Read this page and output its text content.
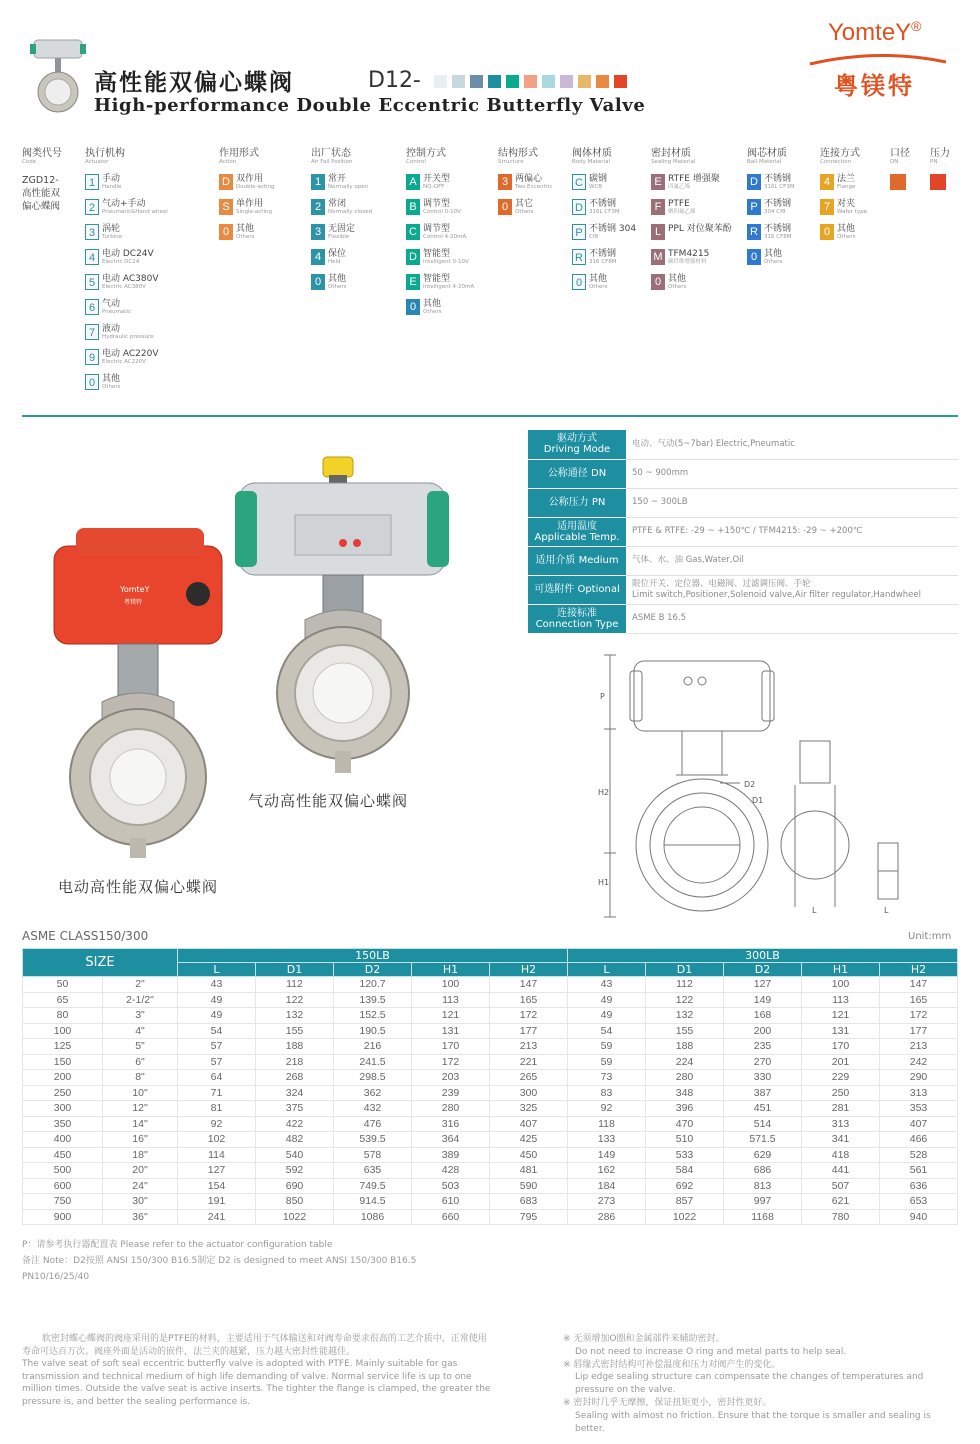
高性能双偏心蝶阀	D12-
High-performance Double Eccentric Butterfly Valve
YomteY®
粤镁特
阀类代号
Code
ZGD12-
高性能双
偏心蝶阀
执行机构
Actuator
1 手动
Handle
2 气动+手动
Pneumatic&Hand wheel
3 涡轮
Turbine
4 电动 DC24V
Electric DC24
5 电动 AC380V
Electric AC380V
6 气动
Pneumatic
7 液动
Hydraulic pressure
9 电动 AC220V
Electric AC220V
0 其他
Others
作用形式
Action
D 双作用
Double-acting
S 单作用
Single-acting
0 其他
Others
出厂状态
Air Fail Position
1 常开
Normally open
2 常闭
Normally closed
3 无固定
Flexible
4 保位
Held
0 其他
Others
控制方式
Control
A 开关型
NO-OFF
B 调节型
Control 0-10V
C 调节型
Control 4-20mA
D 智能型
Intelligent 0-10V
E 智能型
Intelligent 4-20mA
0 其他
Others
结构形式
Structure
3 两偏心
Two Eccentric
0 其它
Others
阀体材质
Body Material
C 碳钢
WCB
D 不锈钢
316L CF3M
P 不锈钢 304
Cf8
R 不锈钢
316 CF8M
0 其他
Others
密封材质
Sealing Material
E RTFE 增强聚
四氟乙烯
F PTFE
聚四氟乙烯
L PPL 对位聚苯酚
M TFM4215
碳纤维增强材料
0 其他
Others
阀芯材质
Ball Material
D 不锈钢
316L CF3M
P 不锈钢
304 Cf8
R 不锈钢
316 CF8M
0 其他
Others
连接方式
Connection
4 法兰
Flange
7 对夹
Wafer type
0 其他
Others
口径
DN
压力
PN
气动高性能双偏心蝶阀
YomteY
粤镁特
电动高性能双偏心蝶阀
驱动方式
Driving Mode	电动、气动(5~7bar) Electric,Pneumatic

公称通径 DN	50 ~ 900mm

公称压力 PN	150 ~ 300LB

适用温度
Applicable Temp.	PTFE & RTFE: -29 ~ +150℃ / TFM4215: -29 ~ +200℃

适用介质 Medium	气体、水、油 Gas,Water,Oil

可选附件 Optional	限位开关、定位器、电磁阀、过滤调压阀、手轮
Limit switch,Positioner,Solenoid valve,Air filter regulator,Handwheel

连接标准
Connection Type	ASME B 16.5
P
H2
H1
D2
D1
L	L
ASME CLASS150/300	Unit:mm
SIZE		150LB					300LB				
		L	D1	D2	H1	H2	L	D1	D2	H1	H2
50	2"	43	112	120.7	100	147	43	112	127	100	147
65	2-1/2"	49	122	139.5	113	165	49	122	149	113	165
80	3"	49	132	152.5	121	172	49	132	168	121	172
100	4"	54	155	190.5	131	177	54	155	200	131	177
125	5"	57	188	216	170	213	59	188	235	170	213
150	6"	57	218	241.5	172	221	59	224	270	201	242
200	8"	64	268	298.5	203	265	73	280	330	229	290
250	10"	71	324	362	239	300	83	348	387	250	313
300	12"	81	375	432	280	325	92	396	451	281	353
350	14"	92	422	476	316	407	118	470	514	313	407
400	16"	102	482	539.5	364	425	133	510	571.5	341	466
450	18"	114	540	578	389	450	149	533	629	418	528
500	20"	127	592	635	428	481	162	584	686	441	561
600	24"	154	690	749.5	503	590	184	692	813	507	636
750	30"	191	850	914.5	610	683	273	857	997	621	653
900	36"	241	1022	1086	660	795	286	1022	1168	780	940
P：请参考执行器配置表 Please refer to the actuator configuration table
备注 Note：D2按照 ANSI 150/300 B16.5制定 D2 is designed to meet ANSI 150/300 B16.5
PN10/16/25/40
软密封蝶心蝶阀的阀座采用的是PTFE的材料，主要适用于气体输送和对阀寿命要求很高的工艺介质中，正常使用寿命可达百万次。阀座外面是活动的嵌件，法兰夹的越紧，压力越大密封性能越佳。
The valve seat of soft seal eccentric butterfly valve is adopted with PTFE. Mainly suitable for gas transmission and technical medium of high life demanding of valve. Normal service life is up to one million times. Outside the valve seat is active inserts. The tighter the flange is clamped, the greater the pressure is, and better the sealing performance is.

※ 无须增加O圈和金属部件来辅助密封。

Do not need to increase O ring and metal parts to help seal.

※ 唇缘式密封结构可补偿温度和压力对阀产生的变化。

Lip edge sealing structure can compensate the changes of temperatures and pressure on the valve.

※ 密封时几乎无摩擦，保证扭矩更小，密封性更好。

Sealing with almost no friction. Ensure that the torque is smaller and sealing is better.
